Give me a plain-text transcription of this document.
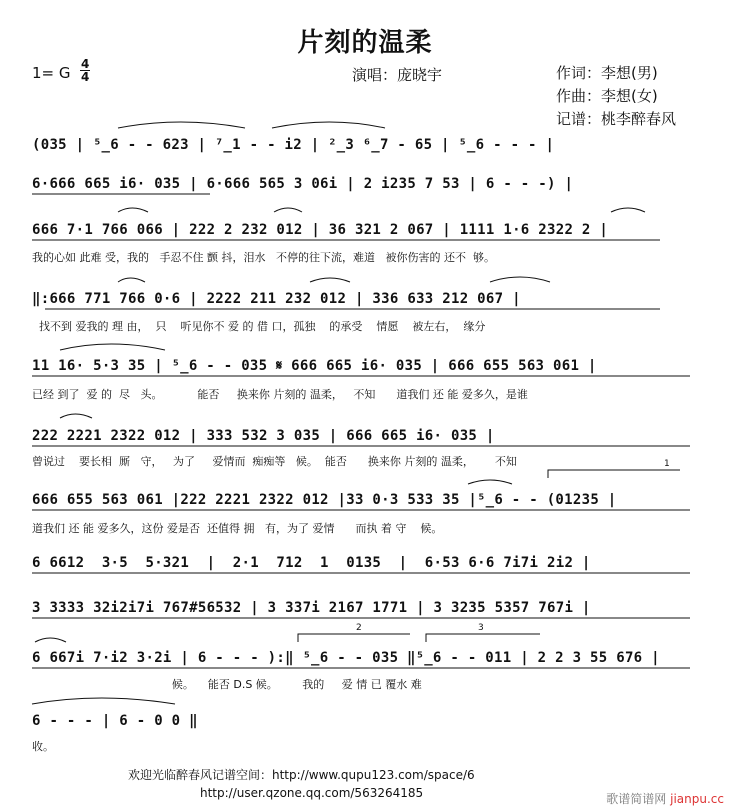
片刻的温柔
1= G 4
4	演唱：庞晓宇	作词：李想(男)
作曲：李想(女)
记谱：桃李醉春风
(035 | ⁵̲6 - - 623 | ⁷̲1 - - i2 | ²̲3 ⁶̲7 - 65 | ⁵̲6 - - - |
6·666 665 i6· 035 | 6·666 565 3 06i | 2 i235 7 53 | 6 - - -) |
666 7·1 766 066 | 222 2 232 012 | 36 321 2 067 | 1111 1·6 2322 2 |
我的心如 此难 受，我的   手忍不住 颤 抖，泪水   不停的往下流，难道   被你伤害的 还不  够。
‖:666 771 766 0·6 | 2222 211 232 012 | 336 633 212 067 |
找不到 爱我的 理 由，  只    听见你不 爱 的 借 口，孤独    的承受    情愿    被左右，  缘分
11 16· 5·3 35 | ⁵̲6 - - 035 𝄋 666 665 i6· 035 | 666 655 563 061 |
已经 到了  爱 的  尽   头。          能否     换来你 片刻的 温柔，   不知      道我们 还 能 爱多久，是谁
222 2221 2322 012 | 333 532 3 035 | 666 665 i6· 035 |
曾说过    要长相  厮   守，   为了     爱情而  痴痴等   候。  能否      换来你 片刻的 温柔，      不知
666 655 563 061 |222 2221 2322 012 |33 0·3 533 35 |⁵̲6 - - (01235 |
道我们 还 能 爱多久，这份 爱是否  还值得 拥   有，为了 爱情      而执 着 守    候。
6 6612  3·5  5·321  |  2·1  712  1  0135  |  6·53 6·6 7i7i 2i2 |
3 3333 32i2i7i 767#56532 | 3 337i 2167 1771 | 3 3235 5357 767i |
6 667i 7·i2 3·2i | 6 - - - ):‖ ⁵̲6 - - 035 ‖⁵̲6 - - 011 | 2 2 3 55 676 |
候。    能否 D.S 候。       我的     爱 情 已 覆水 难
6 - - - | 6 - 0 0 ‖
收。
1
2	3
欢迎光临醉春风记谱空间：http://www.qupu123.com/space/6
http://user.qzone.qq.com/563264185	歌谱简谱网 jianpu.cc
